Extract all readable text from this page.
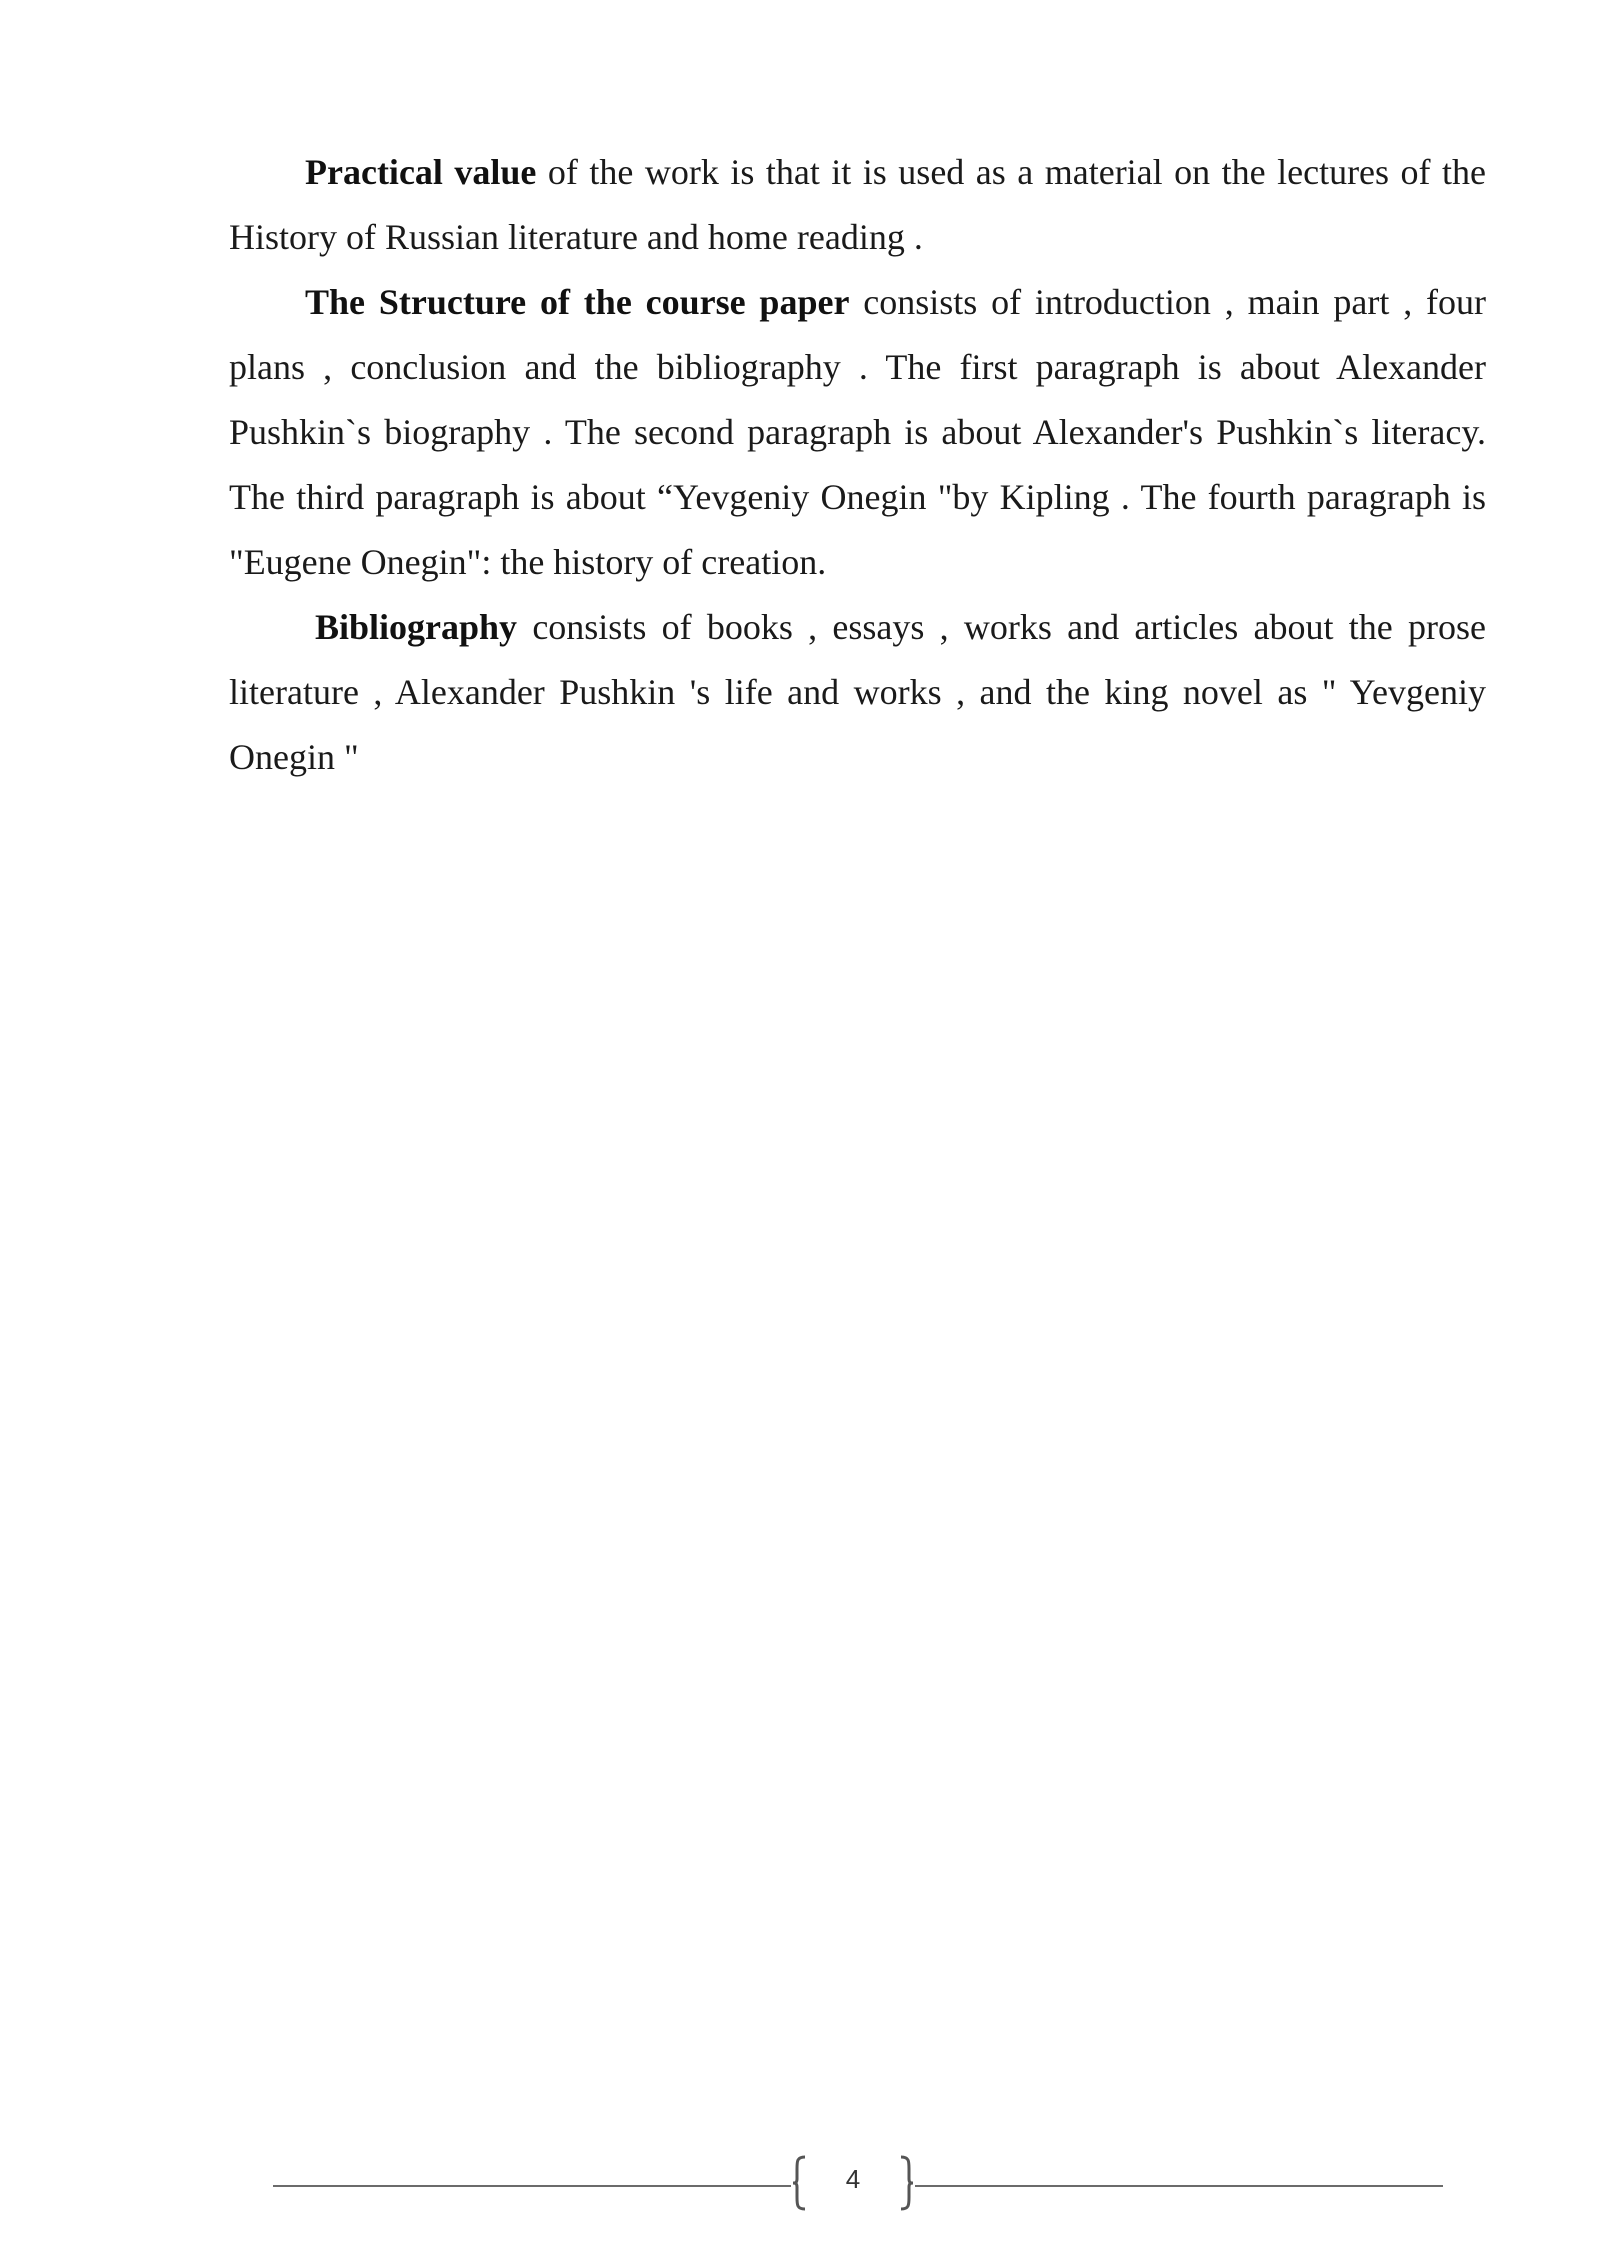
Practical value of the work is that it is used as a material on the lectures of the History of Russian literature and home reading .

The Structure of the course paper consists of introduction , main part , four plans , conclusion and the bibliography . The first paragraph is about Alexander Pushkin`s biography . The second paragraph is about Alexander's Pushkin`s literacy. The third paragraph is about “Yevgeniy Onegin "by Kipling . The fourth paragraph is "Eugene Onegin": the history of creation.

Bibliography consists of books , essays , works and articles about the prose literature , Alexander Pushkin 's life and works , and the king novel as " Yevgeniy Onegin "

4
